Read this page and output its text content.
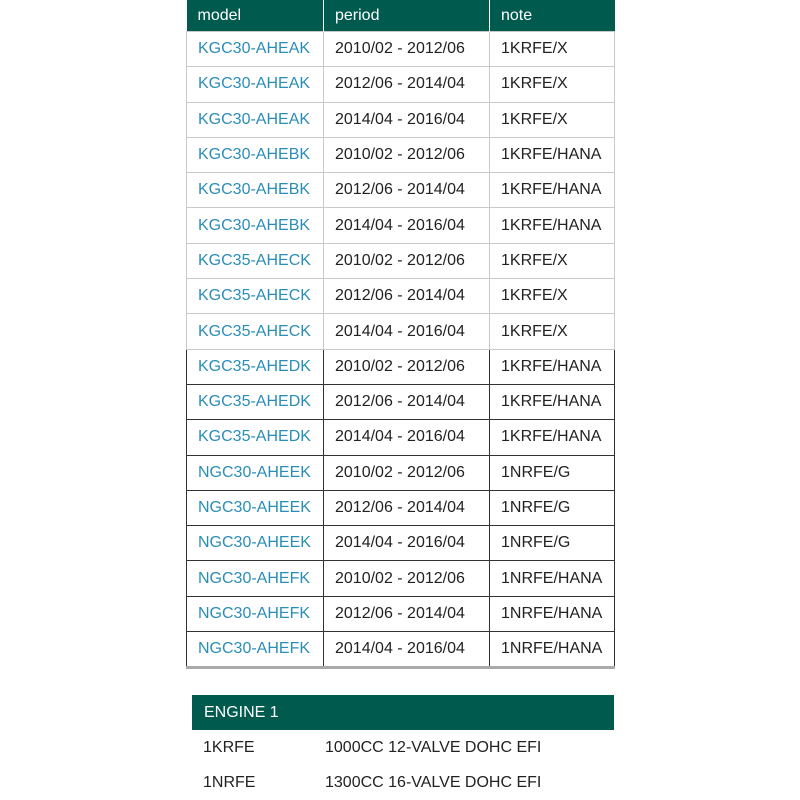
model	period	note
KGC30-AHEAK	2010/02 - 2012/06	1KRFE/X
KGC30-AHEAK	2012/06 - 2014/04	1KRFE/X
KGC30-AHEAK	2014/04 - 2016/04	1KRFE/X
KGC30-AHEBK	2010/02 - 2012/06	1KRFE/HANA
KGC30-AHEBK	2012/06 - 2014/04	1KRFE/HANA
KGC30-AHEBK	2014/04 - 2016/04	1KRFE/HANA
KGC35-AHECK	2010/02 - 2012/06	1KRFE/X
KGC35-AHECK	2012/06 - 2014/04	1KRFE/X
KGC35-AHECK	2014/04 - 2016/04	1KRFE/X
KGC35-AHEDK	2010/02 - 2012/06	1KRFE/HANA
KGC35-AHEDK	2012/06 - 2014/04	1KRFE/HANA
KGC35-AHEDK	2014/04 - 2016/04	1KRFE/HANA
NGC30-AHEEK	2010/02 - 2012/06	1NRFE/G
NGC30-AHEEK	2012/06 - 2014/04	1NRFE/G
NGC30-AHEEK	2014/04 - 2016/04	1NRFE/G
NGC30-AHEFK	2010/02 - 2012/06	1NRFE/HANA
NGC30-AHEFK	2012/06 - 2014/04	1NRFE/HANA
NGC30-AHEFK	2014/04 - 2016/04	1NRFE/HANA
ENGINE 1
1KRFE	1000CC 12-VALVE DOHC EFI
1NRFE	1300CC 16-VALVE DOHC EFI
